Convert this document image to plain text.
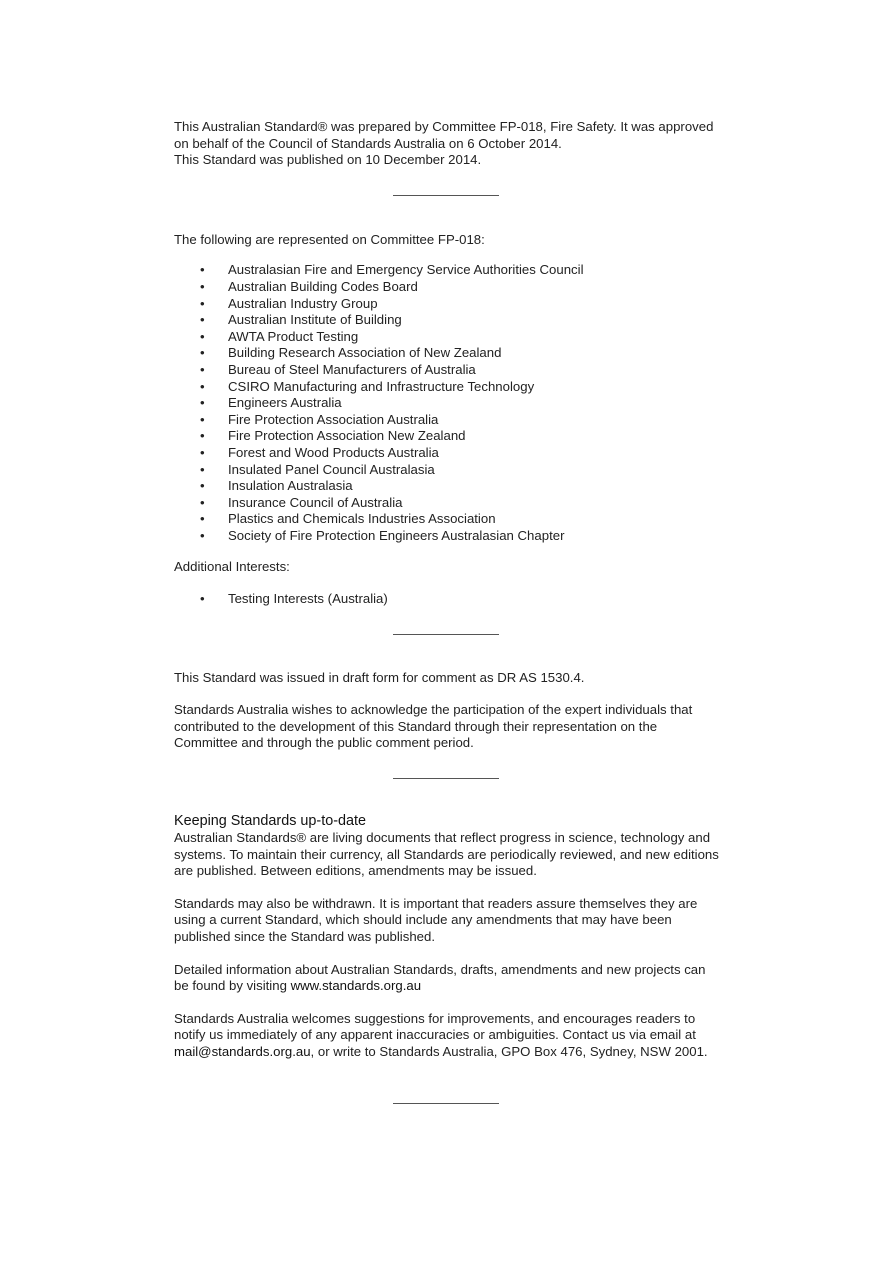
This Australian Standard® was prepared by Committee FP-018, Fire Safety. It was approved

on behalf of the Council of Standards Australia on 6 October 2014.

This Standard was published on 10 December 2014.

The following are represented on Committee FP-018:

• Australasian Fire and Emergency Service Authorities Council
• Australian Building Codes Board
• Australian Industry Group
• Australian Institute of Building
• AWTA Product Testing
• Building Research Association of New Zealand
• Bureau of Steel Manufacturers of Australia
• CSIRO Manufacturing and Infrastructure Technology
• Engineers Australia
• Fire Protection Association Australia
• Fire Protection Association New Zealand
• Forest and Wood Products Australia
• Insulated Panel Council Australasia
• Insulation Australasia
• Insurance Council of Australia
• Plastics and Chemicals Industries Association
• Society of Fire Protection Engineers Australasian Chapter

Additional Interests:

• Testing Interests (Australia)

This Standard was issued in draft form for comment as DR AS 1530.4.

Standards Australia wishes to acknowledge the participation of the expert individuals that

contributed to the development of this Standard through their representation on the

Committee and through the public comment period.

Keeping Standards up-to-date

Australian Standards® are living documents that reflect progress in science, technology and

systems. To maintain their currency, all Standards are periodically reviewed, and new editions

are published. Between editions, amendments may be issued.

Standards may also be withdrawn. It is important that readers assure themselves they are

using a current Standard, which should include any amendments that may have been

published since the Standard was published.

Detailed information about Australian Standards, drafts, amendments and new projects can

be found by visiting www.standards.org.au

Standards Australia welcomes suggestions for improvements, and encourages readers to

notify us immediately of any apparent inaccuracies or ambiguities. Contact us via email at

mail@standards.org.au, or write to Standards Australia, GPO Box 476, Sydney, NSW 2001.
